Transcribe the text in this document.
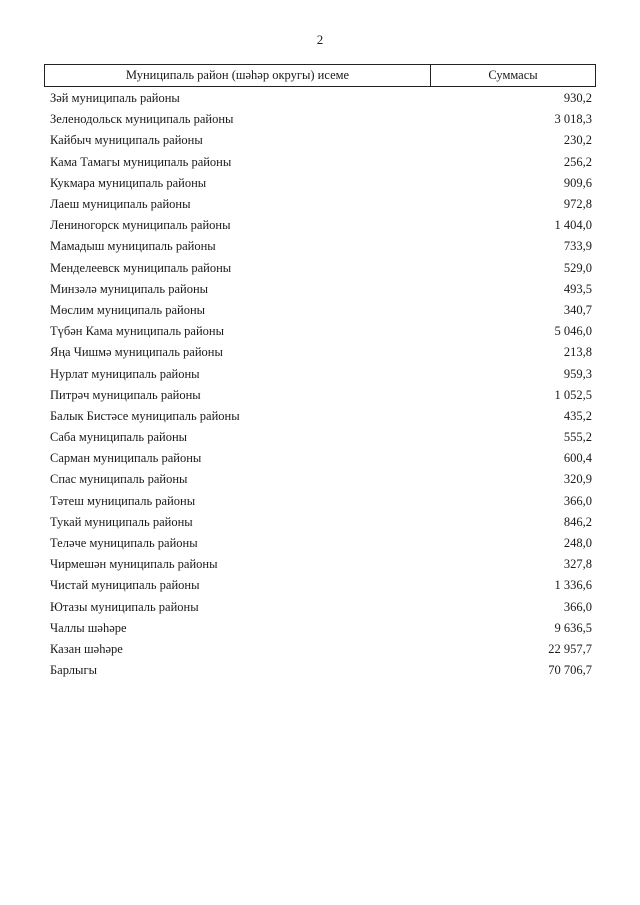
2
Муниципаль район (шәһәр округы) исеме	Суммасы
Зәй муниципаль районы	930,2
Зеленодольск муниципаль районы	3 018,3
Кайбыч муниципаль районы	230,2
Кама Тамагы муниципаль районы	256,2
Кукмара муниципаль районы	909,6
Лаеш муниципаль районы	972,8
Лениногорск муниципаль районы	1 404,0
Мамадыш муниципаль районы	733,9
Менделеевск муниципаль районы	529,0
Минзәлә муниципаль районы	493,5
Мөслим муниципаль районы	340,7
Түбән Кама муниципаль районы	5 046,0
Яңа Чишмә муниципаль районы	213,8
Нурлат муниципаль районы	959,3
Питрәч муниципаль районы	1 052,5
Балык Бистәсе муниципаль районы	435,2
Саба муниципаль районы	555,2
Сарман муниципаль районы	600,4
Спас муниципаль районы	320,9
Тәтеш муниципаль районы	366,0
Тукай муниципаль районы	846,2
Теләче муниципаль районы	248,0
Чирмешән муниципаль районы	327,8
Чистай муниципаль районы	1 336,6
Ютазы муниципаль районы	366,0
Чаллы шәһәре	9 636,5
Казан шәһәре	22 957,7
Барлыгы	70 706,7
